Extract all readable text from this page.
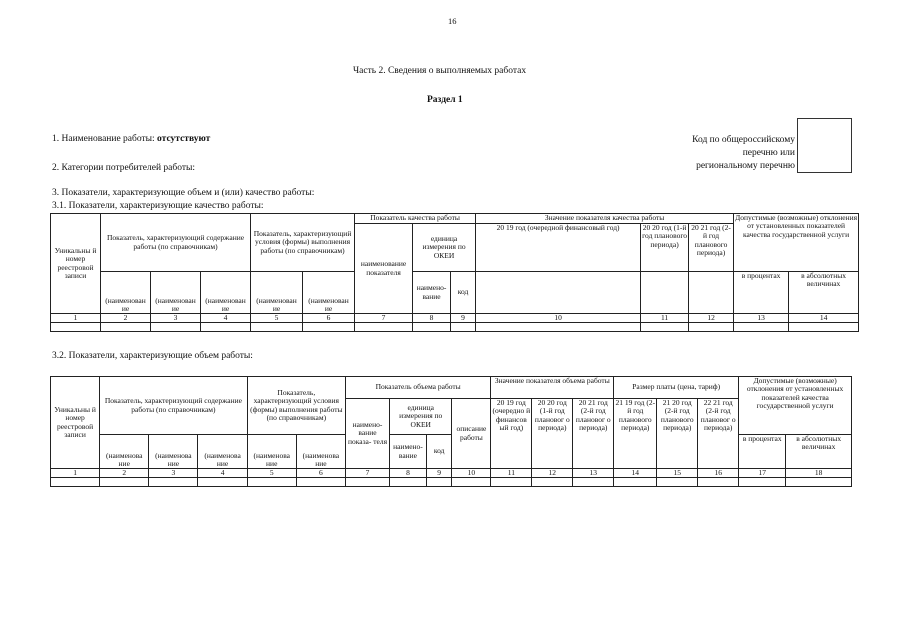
16
Часть 2. Сведения о выполняемых работах
Раздел 1
1. Наименование работы: отсутствуют
2. Категории потребителей работы:
Код по общероссийскому
перечню или
региональному перечню
3. Показатели, характеризующие объем и (или) качество работы:
3.1. Показатели, характеризующие качество работы:
Уникальны й номер реестровой записи	Показатель, характеризующий содержание работы (по справочникам)			Показатель, характеризующий условия (формы) выполнения работы (по справочникам)		Показатель качества работы			Значение показателя качества работы			Допустимые (возможные) отклонения от установленных показателей качества государственной услуги	
						наименование показателя	единица измерения по ОКЕИ		20 19 год (очередной финансовый год)	20 20 год (1-й год планового периода)	20 21 год (2-й год планового периода)		
	(наименован ие	(наименован ие	(наименован ие	(наименован ие	(наименован ие		наимено- вание	код				в процентах	в абсолютных величинах
1	2	3	4	5	6	7	8	9	10	11	12	13	14

3.2. Показатели, характеризующие объем работы:
Уникальны й номер реестровой записи	Показатель, характеризующий содержание работы (по справочникам)			Показатель, характеризующий условия (формы) выполнения работы (по справочникам)		Показатель объема работы				Значение показателя объема работы			Размер платы (цена, тариф)			Допустимые (возможные) отклонения от установленных показателей качества государственной услуги	
						наимено- вание показа- теля	единица измерения по ОКЕИ		описание работы	20 19 год (очередно й финансов ый год)	20 20 год (1-й год плановог о периода)	20 21 год (2-й год плановог о периода)	21 19 год (2-й год планового периода)	21 20 год (2-й год планового периода)	22 21 год (2-й год плановог о периода)		
	(наименова ние	(наименова ние	(наименова ние	(наименова ние	(наименова ние		наимено- вание	код								в процентах	в абсолютных величинах
1	2	3	4	5	6	7	8	9	10	11	12	13	14	15	16	17	18
